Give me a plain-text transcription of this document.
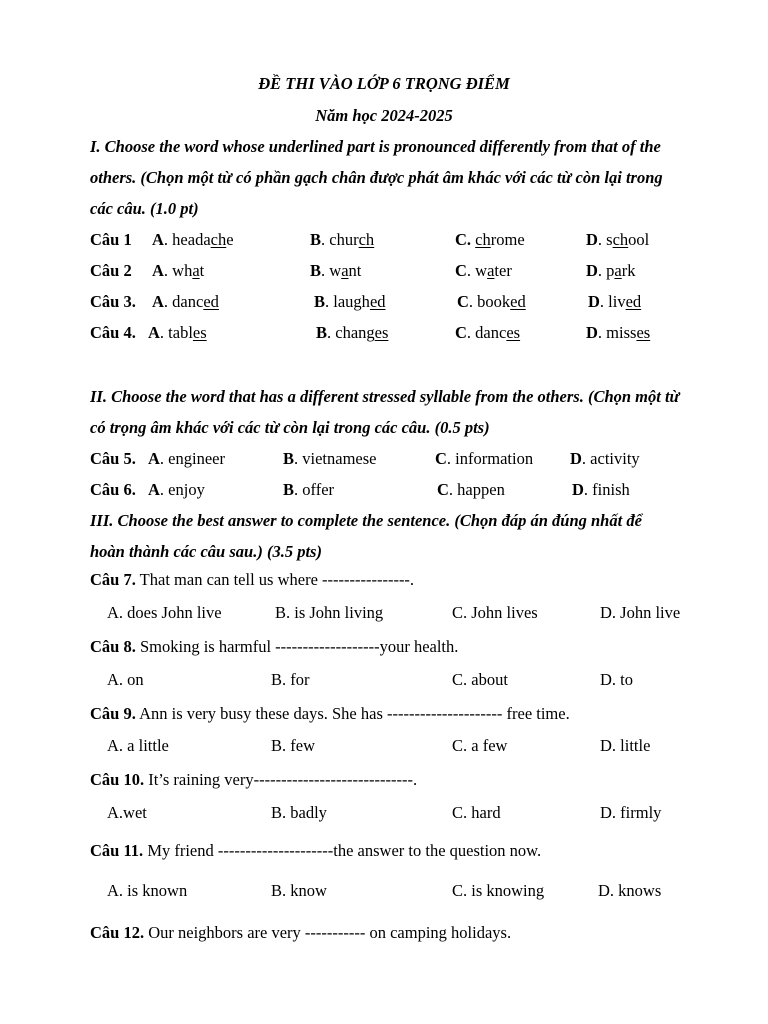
ĐỀ THI VÀO LỚP 6 TRỌNG ĐIỂM
Năm học 2024-2025
I. Choose the word whose underlined part is pronounced differently from that of the
others. (Chọn một từ có phần gạch chân được phát âm khác với các từ còn lại trong
các câu. (1.0 pt)
Câu 1 A. headache	B. church	C. chrome	D. school
Câu 2 A. what	B. want	C. water	D. park
Câu 3. A. danced	B. laughed	C. booked	D. lived
Câu 4. A. tables	B. changes	C. dances	D. misses
II. Choose the word that has a different stressed syllable from the others. (Chọn một từ
có trọng âm khác với các từ còn lại trong các câu. (0.5 pts)
Câu 5. A. engineer	B. vietnamese	C. information D. activity
Câu 6. A. enjoy	B. offer	C. happen	D. finish
III. Choose the best answer to complete the sentence. (Chọn đáp án đúng nhất để
hoàn thành các câu sau.) (3.5 pts)
Câu 7. That man can tell us where ----------------.
A. does John live	B. is John living	C. John lives	D. John live
Câu 8. Smoking is harmful -------------------your health.
A. on	B. for	C. about	D. to
Câu 9. Ann is very busy these days. She has --------------------- free time.
A. a little	B. few	C. a few	D. little
Câu 10. It’s raining very-----------------------------.
A.wet	B. badly	C. hard	D. firmly
Câu 11. My friend ---------------------the answer to the question now.
A. is known	B. know	C. is knowing	D. knows
Câu 12. Our neighbors are very ----------- on camping holidays.
